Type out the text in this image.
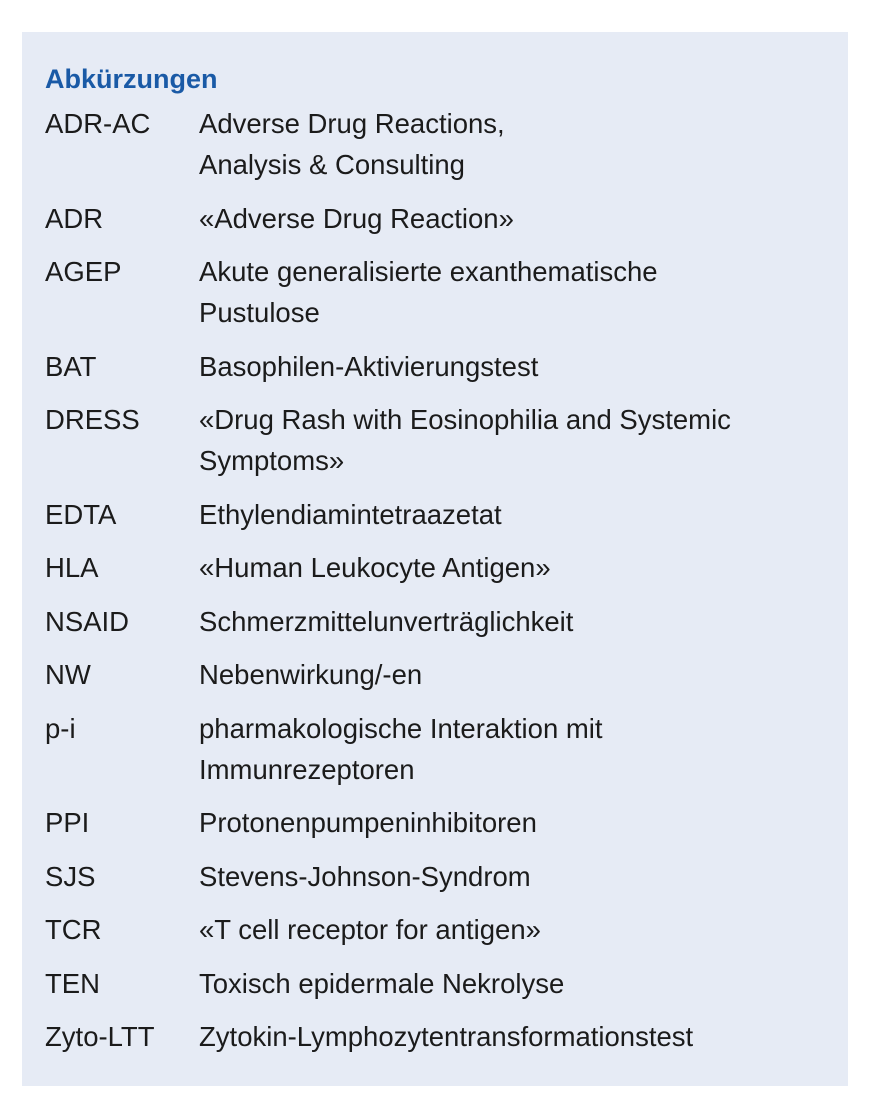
Abkürzungen
ADR-AC	Adverse Drug Reactions,
Analysis & Consulting
ADR	«Adverse Drug Reaction»
AGEP	Akute generalisierte exanthematische
Pustulose
BAT	Basophilen-Aktivierungstest
DRESS	«Drug Rash with Eosinophilia and Systemic
Symptoms»
EDTA	Ethylendiamintetraazetat
HLA	«Human Leukocyte Antigen»
NSAID	Schmerzmittelunverträglichkeit
NW	Nebenwirkung/-en
p-i	pharmakologische Interaktion mit
Immunrezeptoren
PPI	Protonenpumpeninhibitoren
SJS	Stevens-Johnson-Syndrom
TCR	«T cell receptor for antigen»
TEN	Toxisch epidermale Nekrolyse
Zyto-LTT	Zytokin-Lymphozytentransformationstest
